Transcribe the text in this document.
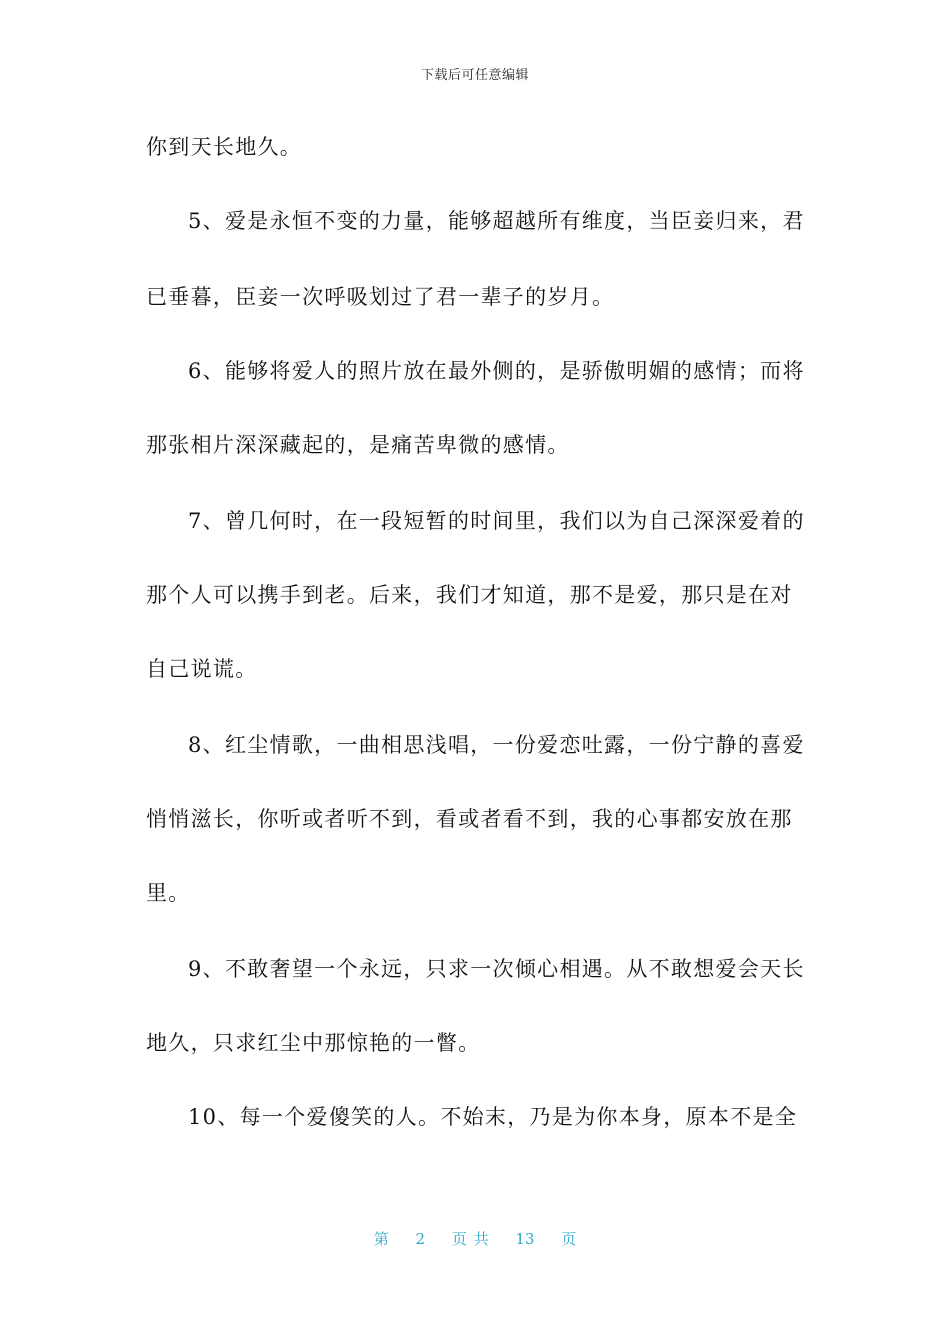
下载后可任意编辑
你到天长地久。
5、爱是永恒不变的力量，能够超越所有维度，当臣妾归来，君
已垂暮，臣妾一次呼吸划过了君一辈子的岁月。
6、能够将爱人的照片放在最外侧的，是骄傲明媚的感情；而将
那张相片深深藏起的，是痛苦卑微的感情。
7、曾几何时，在一段短暂的时间里，我们以为自己深深爱着的
那个人可以携手到老。后来，我们才知道，那不是爱，那只是在对
自己说谎。
8、红尘情歌，一曲相思浅唱，一份爱恋吐露，一份宁静的喜爱
悄悄滋长，你听或者听不到，看或者看不到，我的心事都安放在那
里。
9、不敢奢望一个永远，只求一次倾心相遇。从不敢想爱会天长
地久，只求红尘中那惊艳的一瞥。
10、每一个爱傻笑的人。不始末，乃是为你本身，原本不是全
第 2 页 共 13 页
